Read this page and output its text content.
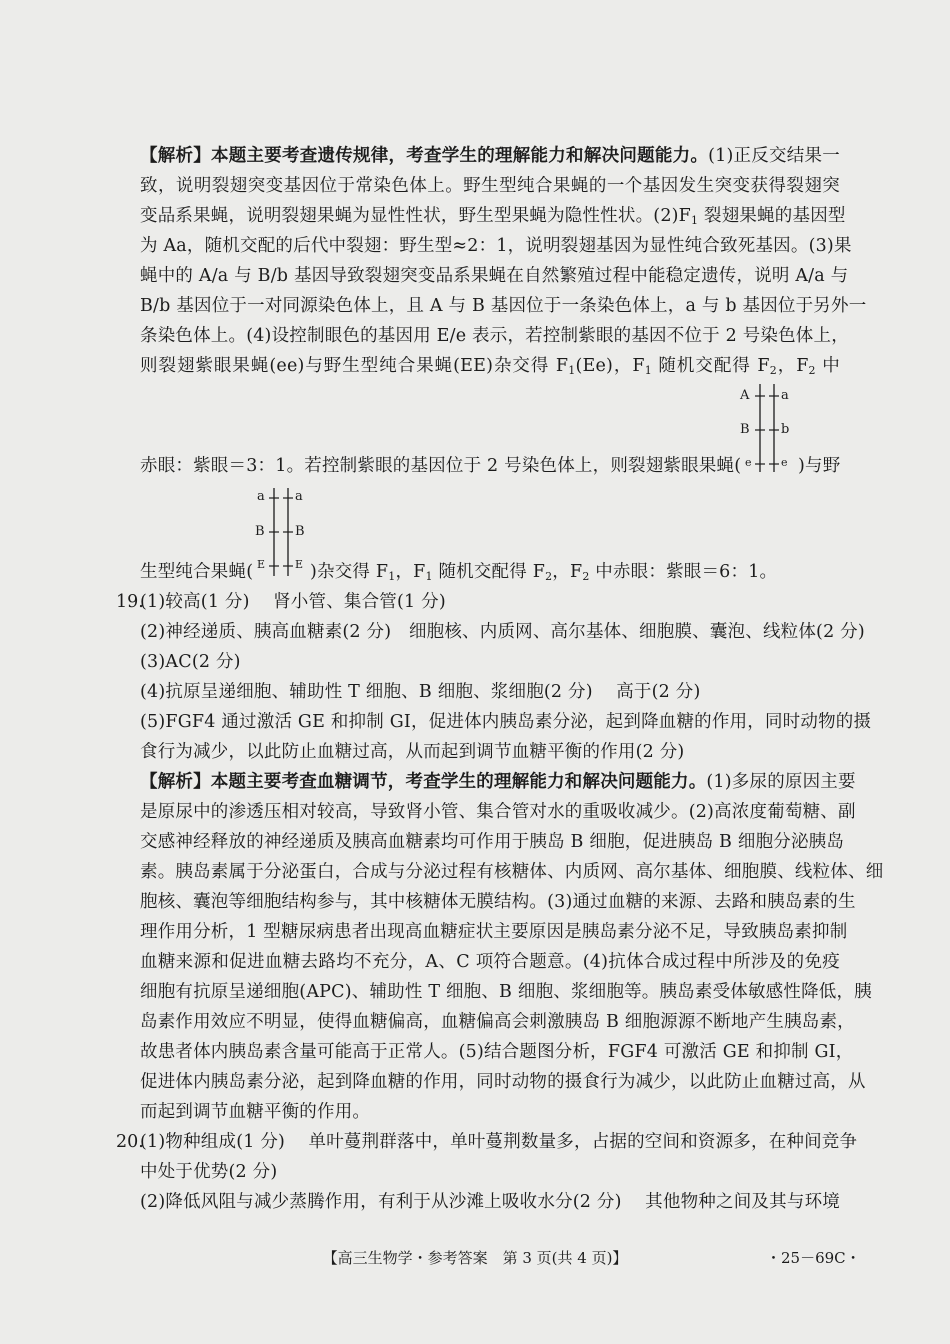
【解析】本题主要考查遗传规律，考查学生的理解能力和解决问题能力。(1)正反交结果一
致，说明裂翅突变基因位于常染色体上。野生型纯合果蝇的一个基因发生突变获得裂翅突
变品系果蝇，说明裂翅果蝇为显性性状，野生型果蝇为隐性性状。$(2)F_1$ 裂翅果蝇的基因型
为 Aa，随机交配的后代中裂翅：野生型≈2：1，说明裂翅基因为显性纯合致死基因。(3)果
蝇中的 A/a 与 B/b 基因导致裂翅突变品系果蝇在自然繁殖过程中能稳定遗传，说明 A/a 与
B/b 基因位于一对同源染色体上，且 A 与 B 基因位于一条染色体上，a 与 b 基因位于另外一
条染色体上。(4)设控制眼色的基因用 E/e 表示，若控制紫眼的基因不位于 2 号染色体上，
则裂翅紫眼果蝇(ee)与野生型纯合果蝇(EE)杂交得 $F_1(Ee)$，$F_1$ 随机交配得 $F_2$，$F_2$ 中
A a
B b
e	e
赤眼：紫眼＝3：1。若控制紫眼的基因位于 2 号染色体上，则裂翅紫眼果蝇(	)与野
a a
B B
E	E
生型纯合果蝇(	)杂交得 $F_1$，$F_1$ 随机交配得 $F_2$，$F_2$ 中赤眼：紫眼＝6：1。
19.
(1)较高(1 分)　 肾小管、集合管(1 分)
(2)神经递质、胰高血糖素(2 分)　细胞核、内质网、高尔基体、细胞膜、囊泡、线粒体(2 分)
(3)AC(2 分)
(4)抗原呈递细胞、辅助性 T 细胞、B 细胞、浆细胞(2 分)　 高于(2 分)
(5)FGF4 通过激活 GE 和抑制 GI，促进体内胰岛素分泌，起到降血糖的作用，同时动物的摄
食行为减少，以此防止血糖过高，从而起到调节血糖平衡的作用(2 分)
【解析】本题主要考查血糖调节，考查学生的理解能力和解决问题能力。(1)多尿的原因主要
是原尿中的渗透压相对较高，导致肾小管、集合管对水的重吸收减少。(2)高浓度葡萄糖、副
交感神经释放的神经递质及胰高血糖素均可作用于胰岛 B 细胞，促进胰岛 B 细胞分泌胰岛
素。胰岛素属于分泌蛋白，合成与分泌过程有核糖体、内质网、高尔基体、细胞膜、线粒体、细
胞核、囊泡等细胞结构参与，其中核糖体无膜结构。(3)通过血糖的来源、去路和胰岛素的生
理作用分析，1 型糖尿病患者出现高血糖症状主要原因是胰岛素分泌不足，导致胰岛素抑制
血糖来源和促进血糖去路均不充分，A、C 项符合题意。(4)抗体合成过程中所涉及的免疫
细胞有抗原呈递细胞(APC)、辅助性 T 细胞、B 细胞、浆细胞等。胰岛素受体敏感性降低，胰
岛素作用效应不明显，使得血糖偏高，血糖偏高会刺激胰岛 B 细胞源源不断地产生胰岛素，
故患者体内胰岛素含量可能高于正常人。(5)结合题图分析，FGF4 可激活 GE 和抑制 GI，
促进体内胰岛素分泌，起到降血糖的作用，同时动物的摄食行为减少，以此防止血糖过高，从
而起到调节血糖平衡的作用。
20.
(1)物种组成(1 分)　 单叶蔓荆群落中，单叶蔓荆数量多，占据的空间和资源多，在种间竞争
中处于优势(2 分)
(2)降低风阻与减少蒸腾作用，有利于从沙滩上吸收水分(2 分)　 其他物种之间及其与环境
【高三生物学・参考答案　第 3 页(共 4 页)】	・25－69C・
